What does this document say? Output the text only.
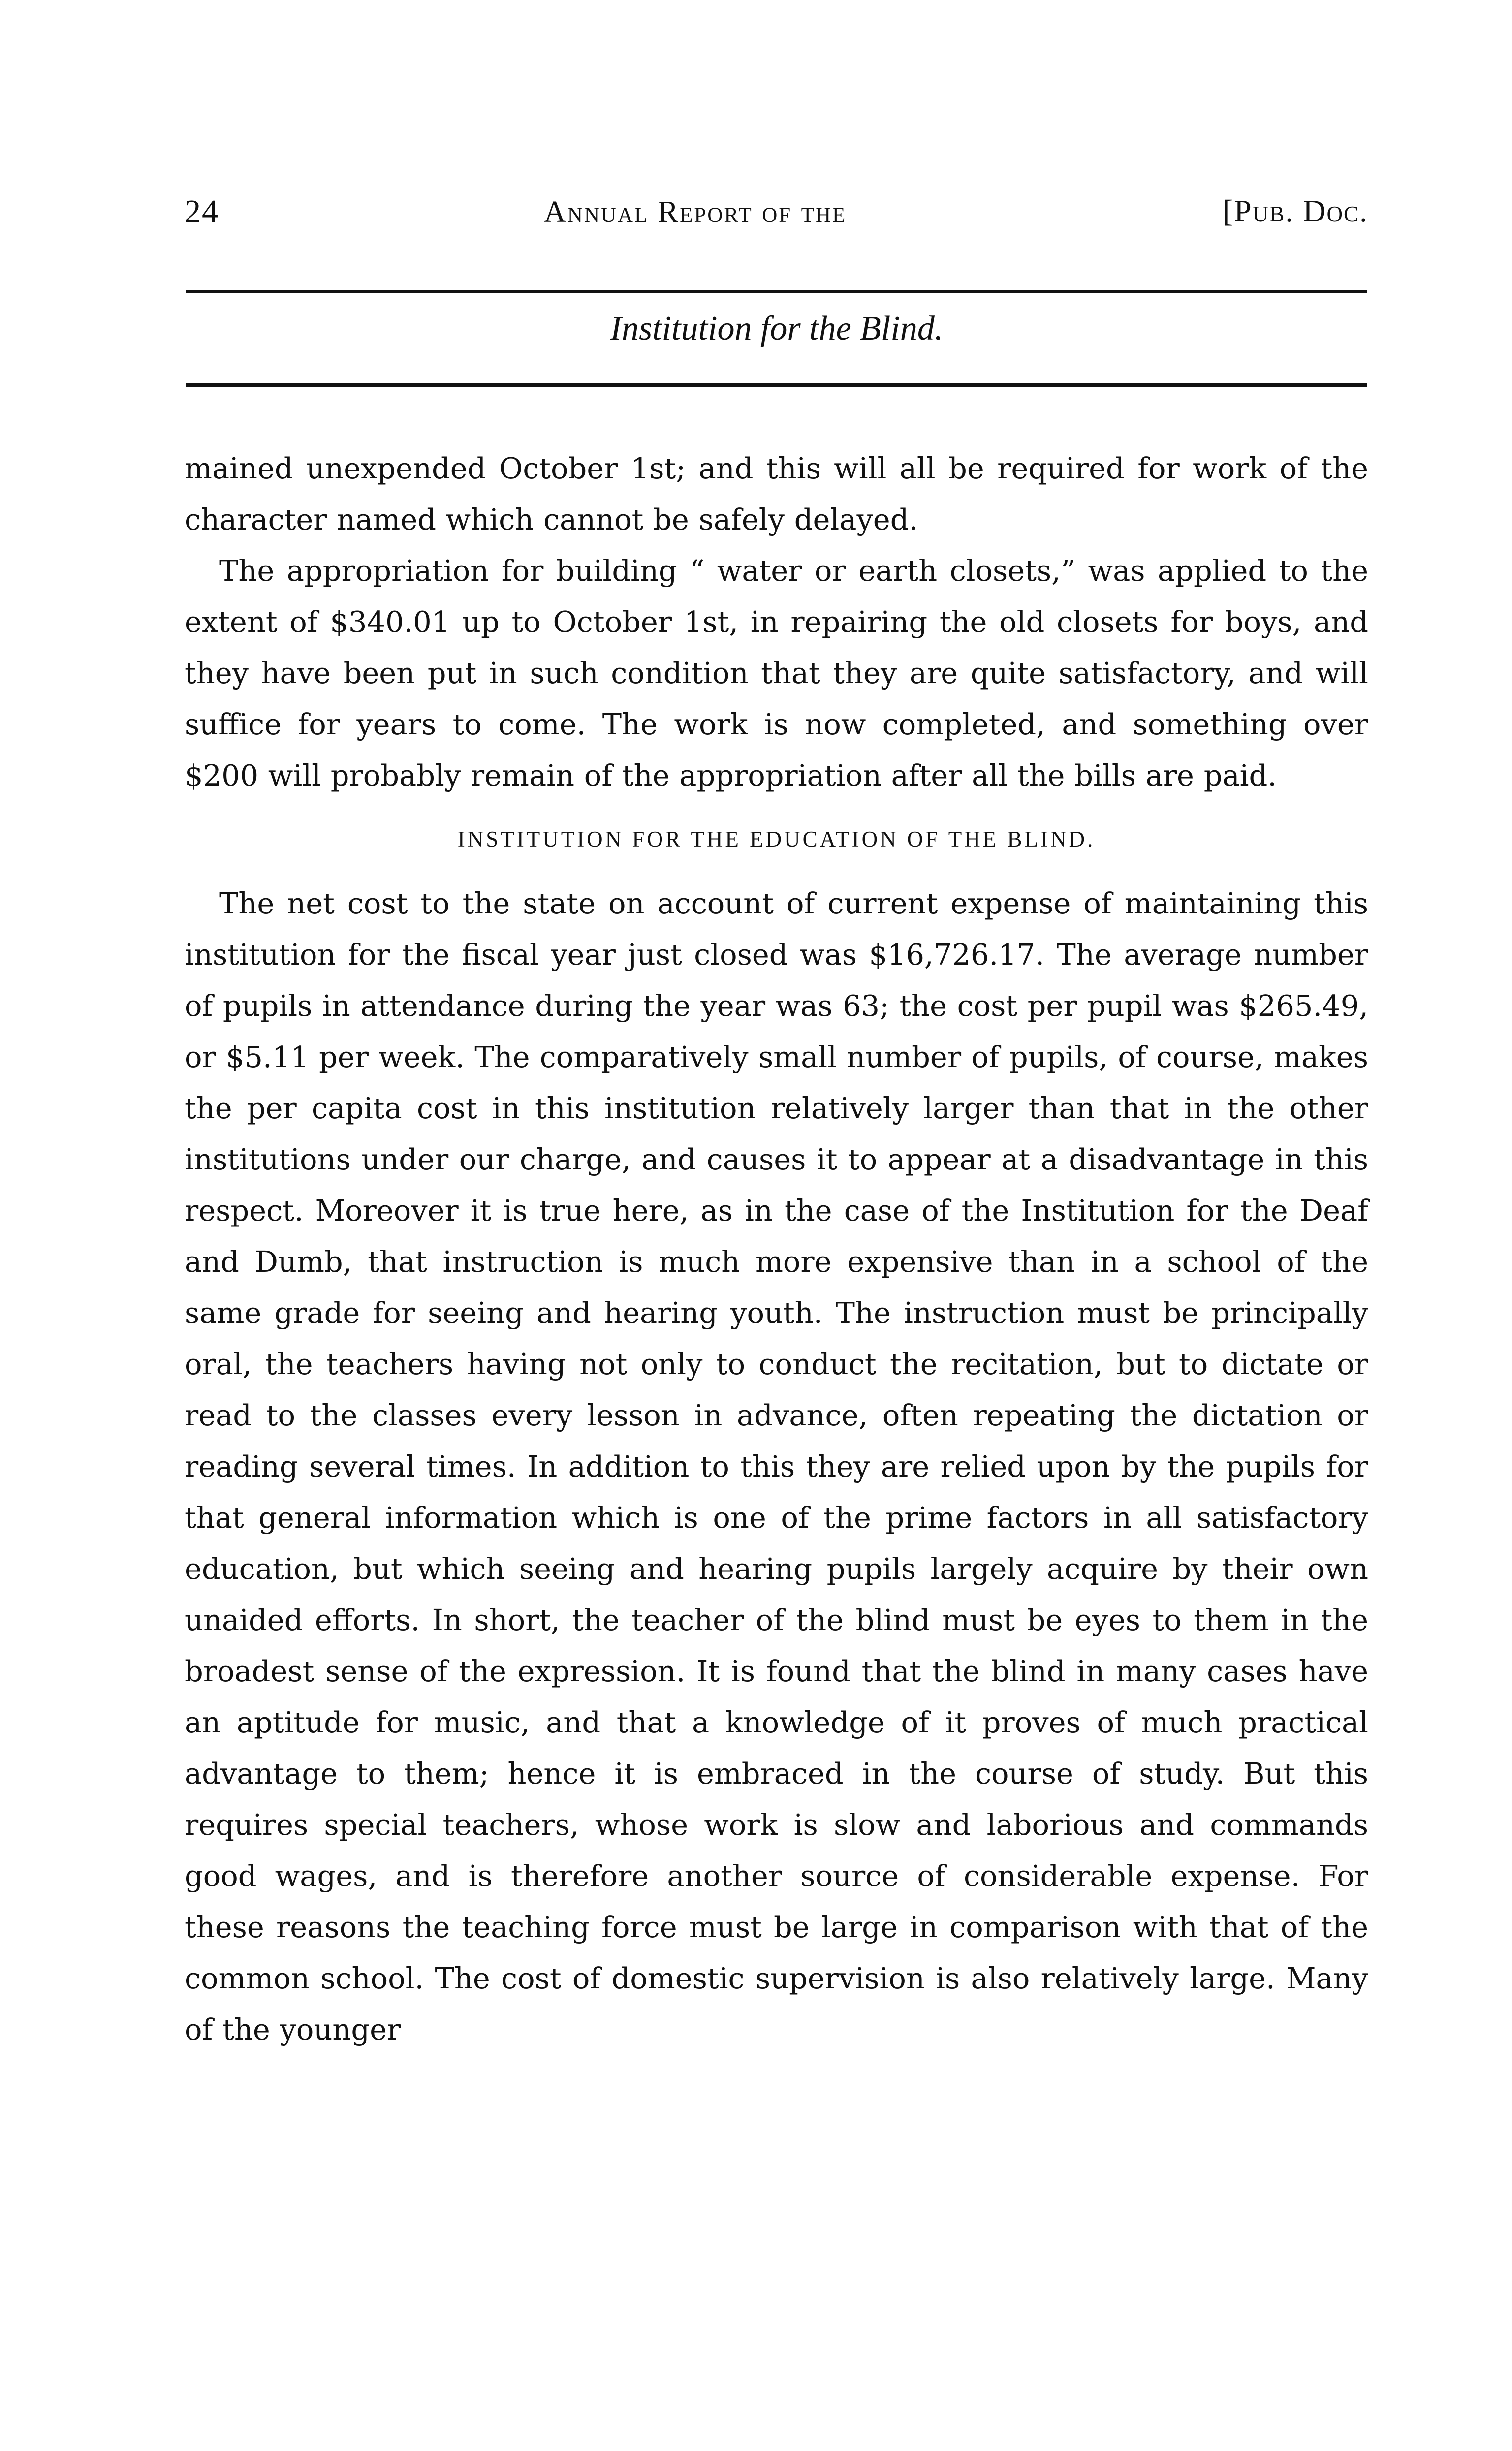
24	Annual Report of the	[Pub. Doc.
Institution for the Blind.

mained unexpended October 1st; and this will all be required for work of the character named which cannot be safely delayed.

The appropriation for building “ water or earth closets,” was applied to the extent of $340.01 up to October 1st, in repairing the old closets for boys, and they have been put in such condition that they are quite satisfactory, and will suffice for years to come. The work is now completed, and something over $200 will probably remain of the appropriation after all the bills are paid.

INSTITUTION FOR THE EDUCATION OF THE BLIND.

The net cost to the state on account of current expense of maintaining this institution for the fiscal year just closed was $16,726.17. The average number of pupils in attendance during the year was 63; the cost per pupil was $265.49, or $5.11 per week. The comparatively small number of pupils, of course, makes the per capita cost in this institution relatively larger than that in the other institutions under our charge, and causes it to appear at a disadvantage in this respect. Moreover it is true here, as in the case of the Institution for the Deaf and Dumb, that instruction is much more expensive than in a school of the same grade for seeing and hearing youth. The instruction must be principally oral, the teachers having not only to conduct the recitation, but to dictate or read to the classes every lesson in advance, often repeating the dictation or reading several times. In addition to this they are relied upon by the pupils for that general information which is one of the prime factors in all satisfactory education, but which seeing and hearing pupils largely acquire by their own unaided efforts. In short, the teacher of the blind must be eyes to them in the broadest sense of the expression. It is found that the blind in many cases have an aptitude for music, and that a knowledge of it proves of much practical advantage to them; hence it is embraced in the course of study. But this requires special teachers, whose work is slow and laborious and commands good wages, and is therefore another source of considerable expense. For these reasons the teaching force must be large in comparison with that of the common school. The cost of domestic supervision is also relatively large. Many of the younger
